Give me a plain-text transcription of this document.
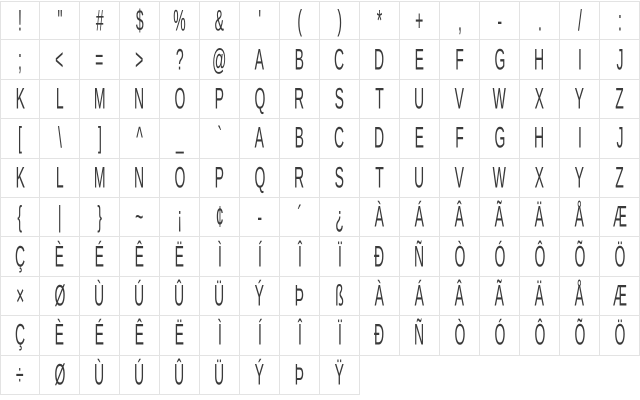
! " # $ % & ' ( ) * + , - . / :
; < = > ? @ A B C D E F G H I J
K L M N O P Q R S T U V W X Y Z
[ \ ] ^ _ ` A B C D E F G H I J
K L M N O P Q R S T U V W X Y Z
{ | } ~ ¡ ¢ - ´ ¿ À Á Â Ã Ä Å Æ
Ç È É Ê Ë Ì Í Î Ï Ð Ñ Ò Ó Ô Õ Ö
× Ø Ù Ú Û Ü Ý Þ ß À Á Â Ã Ä Å Æ
Ç È É Ê Ë Ì Í Î Ï Ð Ñ Ò Ó Ô Õ Ö
÷ Ø Ù Ú Û Ü Ý Þ Ÿ
